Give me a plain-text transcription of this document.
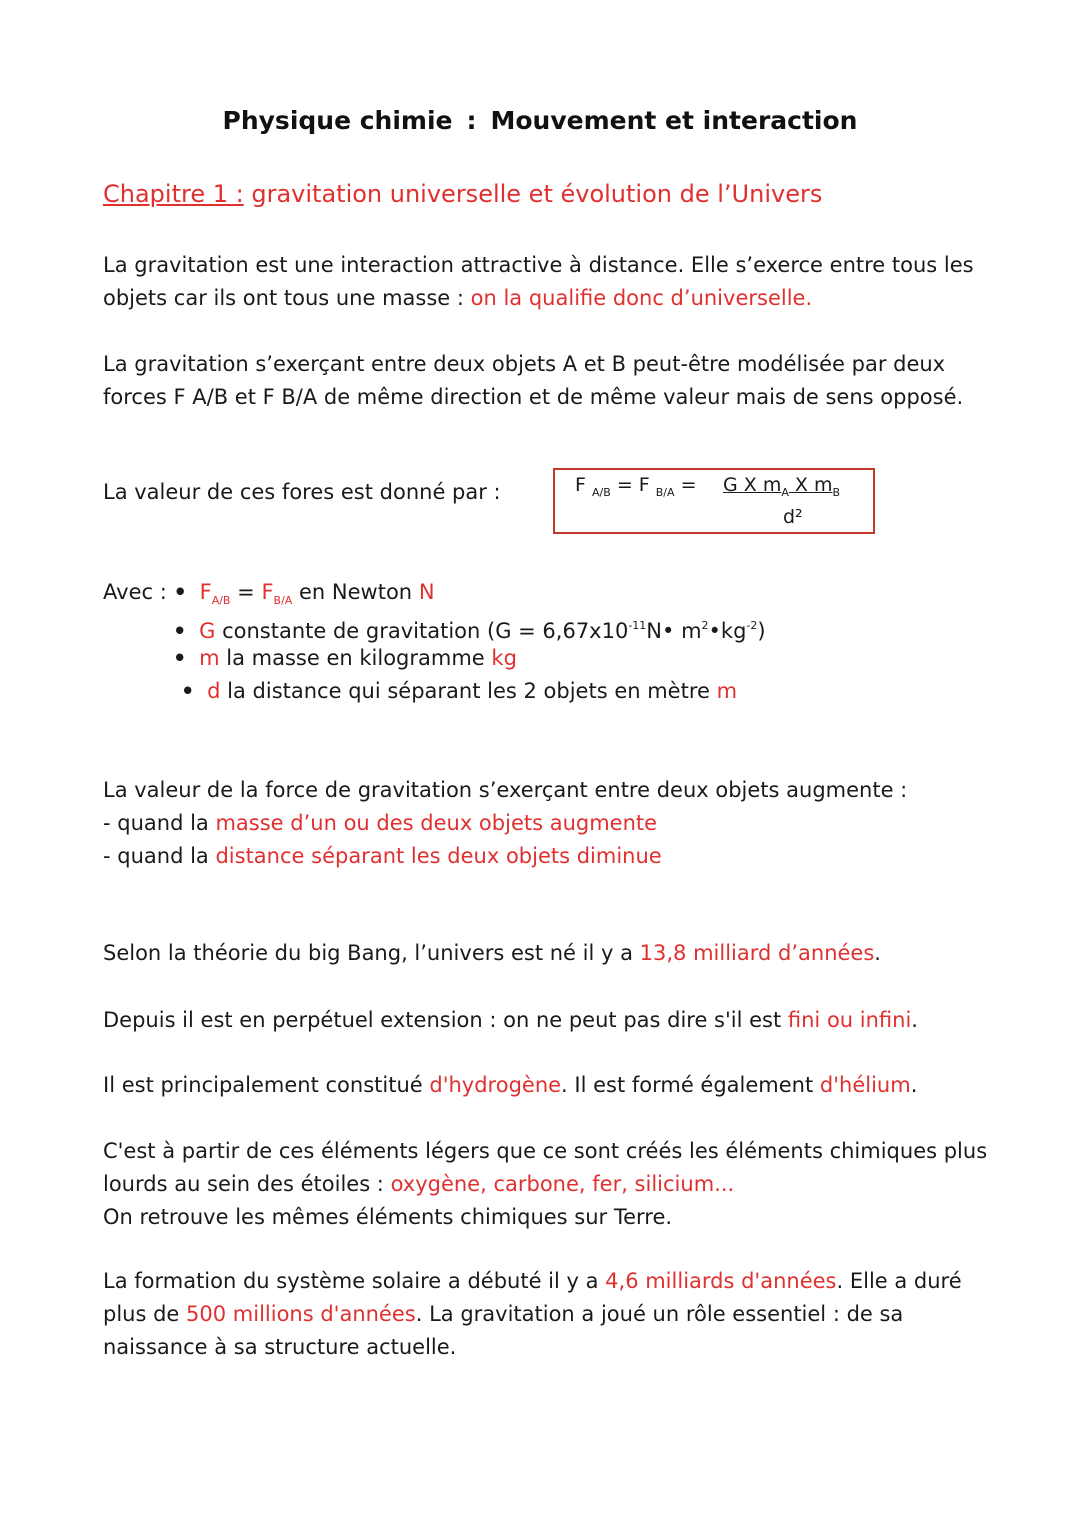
Physique chimie : Mouvement et interaction
Chapitre 1 : gravitation universelle et évolution de l’Univers
La gravitation est une interaction attractive à distance. Elle s’exerce entre tous les objets car ils ont tous une masse : on la qualifie donc d’universelle.
La gravitation s’exerçant entre deux objets A et B peut-être modélisée par deux forces F A/B et F B/A de même direction et de même valeur mais de sens opposé.
La valeur de ces fores est donné par :	F $_{A/B}$ = F $_{B/A}$ = G X $m_A$ X $m_B$
d²
Avec : • $F_{A/B} = F_{B/A}$ en Newton N
• G constante de gravitation ($G = 6,67x10^{-11}N•$ $m^2•kg^{-2}$)
• m la masse en kilogramme kg
• d la distance qui séparant les 2 objets en mètre m
La valeur de la force de gravitation s’exerçant entre deux objets augmente :
- quand la masse d’un ou des deux objets augmente
- quand la distance séparant les deux objets diminue
Selon la théorie du big Bang, l’univers est né il y a 13,8 milliard d’années.
Depuis il est en perpétuel extension : on ne peut pas dire s'il est fini ou infini.
Il est principalement constitué d'hydrogène. Il est formé également d'hélium.
C'est à partir de ces éléments légers que ce sont créés les éléments chimiques plus lourds au sein des étoiles : oxygène, carbone, fer, silicium...
On retrouve les mêmes éléments chimiques sur Terre.
La formation du système solaire a débuté il y a 4,6 milliards d'années. Elle a duré plus de 500 millions d'années. La gravitation a joué un rôle essentiel : de sa naissance à sa structure actuelle.
